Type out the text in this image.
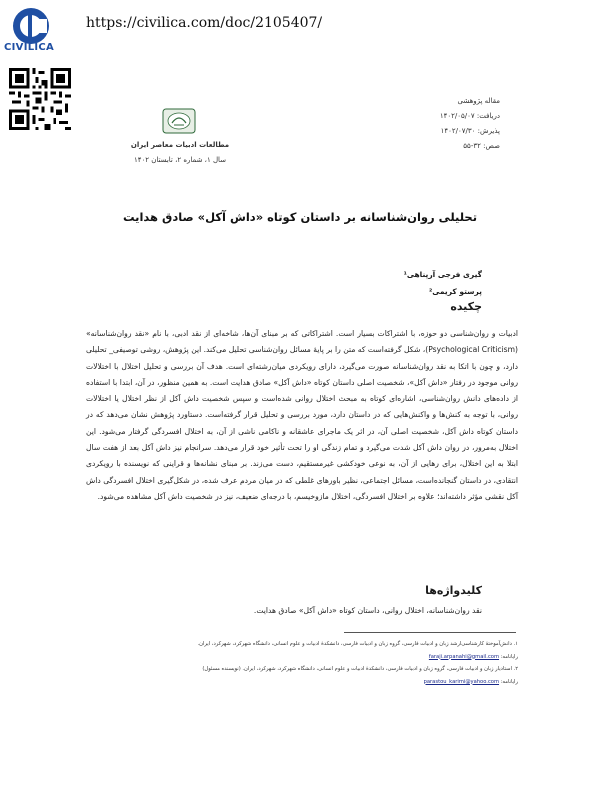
CIVILICA
https://civilica.com/doc/2105407/
مقاله پژوهشی
دریافت: ۱۴۰۲/۰۵/۰۷
پذیرش: ۱۴۰۲/۰۷/۳۰
صص: ۳۲-۵۵
مطالعات ادبیات معاصر ایران
سال ۱، شماره ۲، تابستان ۱۴۰۲
تحلیلی روان‌شناسانه بر داستان کوتاه «داش آکل» صادق هدایت
گیری فرجی آرپناهی¹
پرستو کریمی²
چکیده
ادبیات و روان‌شناسی دو حوزه، با اشتراکات بسیار است. اشتراکاتی که بر مبنای آن‌ها، شاخه‌ای از نقد ادبی، با نام «نقد روان‌شناسانه» (Psychological Criticism)، شکل گرفته‌است که متن را بر پایۀ مسائل روان‌شناسی تحلیل می‌کند. این پژوهش، روشی توصیفی_ تحلیلی دارد، و چون با اتکا به نقد روان‌شناسانه صورت می‌گیرد، دارای رویکردی میان‌رشته‌ای است. هدف آن بررسی و تحلیل اختلال با اختلالات روانی موجود در رفتار «داش آکل»، شخصیت اصلی داستان کوتاه «داش آکل» صادق هدایت است. به همین منظور، در آن، ابتدا با استفاده از داده‌های دانش روان‌شناسی، اشاره‌ای کوتاه به مبحث اختلال روانی شده‌است و سپس شخصیت داش آکل از نظر اختلال یا اختلالات روانی، با توجه به کنش‌ها و واکنش‌هایی که در داستان دارد، مورد بررسی و تحلیل قرار گرفته‌است. دستاورد پژوهش نشان می‌دهد که در داستان کوتاه داش آکل، شخصیت اصلی آن، در اثر یک ماجرای عاشقانه و ناکامی ناشی از آن، به اختلال افسردگی گرفتار می‌شود. این اختلال به‌مرور، در روان داش آکل شدت می‌گیرد و تمام زندگی او را تحت تأثیر خود قرار می‌دهد. سرانجام نیز داش آکل بعد از هفت سال ابتلا به این اختلال، برای رهایی از آن، به نوعی خودکشی غیرمستقیم، دست می‌زند. بر مبنای نشانه‌ها و قراینی که نویسنده با رویکردی انتقادی، در داستان گنجانده‌است، مسائل اجتماعی، نظیر باورهای غلطی که در میان مردم عرف شده، در شکل‌گیری اختلال افسردگی داش آکل نقشی مؤثر داشته‌اند؛ علاوه بر اختلال افسردگی، اختلال مازوخیسم، با درجه‌ای ضعیف، نیز در شخصیت داش آکل مشاهده می‌شود.
کلیدواژه‌ها
نقد روان‌شناسانه، اختلال روانی، داستان کوتاه «داش آکل» صادق هدایت.
۱. دانش‌آموختۀ کارشناسی‌ارشد زبان و ادبیات فارسی، گروه زبان و ادبیات فارسی، دانشکدۀ ادبیات و علوم انسانی، دانشگاه شهرکرد، شهرکرد، ایران.
رایانامه: faraji.arpanahi@gmail.com
۲. استادیار زبان و ادبیات فارسی، گروه زبان و ادبیات فارسی، دانشکدۀ ادبیات و علوم انسانی، دانشگاه شهرکرد، شهرکرد، ایران. (نویسنده مسئول)
رایانامه: parastou_karimi@yahoo.com
